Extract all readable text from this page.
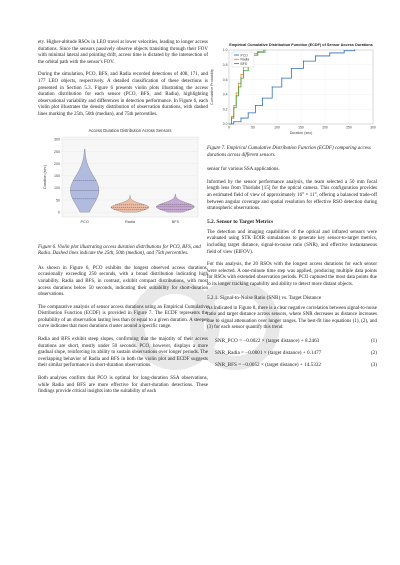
ety. Higher-altitude RSOs in LEO travel at lower velocities, leading to longer access durations. Since the sensors passively observe objects transiting through their FOV with minimal lateral and pointing drift, access time is dictated by the intersection of the orbital path with the sensor's FOV.

During the simulation, PCO, BFS, and Radia recorded detections of 408, 171, and 177 LEO objects, respectively. A detailed classification of these detections is presented in Section 5.3. Figure 6 presents violin plots illustrating the access duration distribution for each sensor (PCO, BFS, and Radia), highlighting observational variability and differences in detection performance. In Figure 6, each violin plot illustrates the density distribution of observation durations, with dashed lines marking the 25th, 50th (median), and 75th percentiles.

Access Duration Distribution Across Sensors
0
50
100
150
200
250
300
Duration (sec)
PCO	Radia	BFS
Figure 6. Violin plot illustrating access duration distributions for PCO, BFS, and Radia. Dashed lines indicate the 25th, 50th (median), and 75th percentiles.

As shown in Figure 6, PCO exhibits the longest observed access durations, occasionally exceeding 250 seconds, with a broad distribution indicating high variability. Radia and BFS, in contrast, exhibit compact distributions, with most access durations below 50 seconds, indicating their suitability for short-duration observations.

The comparative analysis of sensor access durations using an Empirical Cumulative Distribution Function (ECDF) is provided in Figure 7. The ECDF represents the probability of an observation lasting less than or equal to a given duration. A steeper curve indicates that most durations cluster around a specific range.

Radia and BFS exhibit steep slopes, confirming that the majority of their access durations are short, mostly under 50 seconds. PCO, however, displays a more gradual slope, reinforcing its ability to sustain observations over longer periods. The overlapping behavior of Radia and BFS in both the violin plot and ECDF suggests their similar performance in short-duration observations.

Both analyses confirm that PCO is optimal for long-duration SSA observations, while Radia and BFS are more effective for short-duration detections. These findings provide critical insights into the suitability of each

Empirical Cumulative Distribution Function (ECDF) of Sensor Access Durations
0	50	100	150	200	250	300
0.0
0.2
0.4
0.6
0.8
1.0
Duration (sec)
Cumulative Probability
PCO
Radia
BFS
Figure 7. Empirical Cumulative Distribution Function (ECDF) comparing access durations across different sensors.

sensor for various SSA applications.

Informed by the sensor performance analysis, the team selected a 50 mm focal length lens from Thorlabs [15] for the optical camera. This configuration provides an estimated field of view of approximately 16° × 11°, offering a balanced trade-off between angular coverage and spatial resolution for effective RSO detection during stratospheric observations.

5.2. Sensor to Target Metrics

The detection and imaging capabilities of the optical and infrared sensors were evaluated using STK EOIR simulations to generate key sensor-to-target metrics, including target distance, signal-to-noise ratio (SNR), and effective instantaneous field of view (EIFOV).

For this analysis, the 20 RSOs with the longest access durations for each sensor were selected. A one-minute time step was applied, producing multiple data points for RSOs with extended observation periods. PCO captured the most data points due to its longer tracking capability and ability to detect more distant objects.

5.2.1. Signal-to-Noise Ratio (SNR) vs. Target Distance

As indicated in Figure 8, there is a clear negative correlation between signal-to-noise ratio and target distance across sensors, where SNR decreases as distance increases due to signal attenuation over longer ranges. The best-fit line equations (1), (2), and (3) for each sensor quantify this trend:

SNR_PCO = −0.0022 × (target distance) + 8.2463	(1)
SNR_Radia = −0.0001 × (target distance) + 0.1477	(2)
SNR_BFS = −0.0052 × (target distance) + 14.5332	(3)
